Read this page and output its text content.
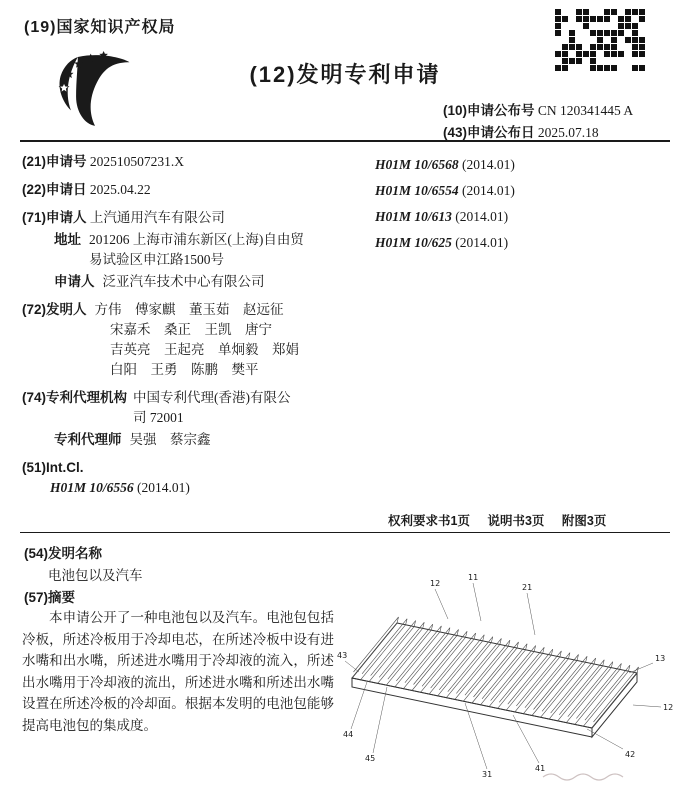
(19)国家知识产权局
(12)发明专利申请
(10)申请公布号 CN 120341445 A
(43)申请公布日 2025.07.18
(21)申请号 202510507231.X
(22)申请日 2025.04.22
(71)申请人 上汽通用汽车有限公司
地址 201206 上海市浦东新区(上海)自由贸易试验区申江路1500号
申请人 泛亚汽车技术中心有限公司
(72)发明人 方伟　傅家麒　董玉茹　赵远征
宋嘉禾　桑正　王凯　唐宁
吉英亮　王起亮　单炯毅　郑娟
白阳　王勇　陈鹏　樊平
(74)专利代理机构 中国专利代理(香港)有限公司 72001
专利代理师 吴强　蔡宗鑫
(51)Int.Cl.
H01M 10/6556 (2014.01)
H01M 10/6568 (2014.01)
H01M 10/6554 (2014.01)
H01M 10/613 (2014.01)
H01M 10/625 (2014.01)
权利要求书1页 说明书3页 附图3页
(54)发明名称
电池包以及汽车
(57)摘要
本申请公开了一种电池包以及汽车。电池包包括冷板，所述冷板用于冷却电芯，在所述冷板中设有进水嘴和出水嘴，所述进水嘴用于冷却液的流入，所述出水嘴用于冷却液的流出，所述进水嘴和所述出水嘴设置在所述冷板的冷却面。根据本发明的电池包能够提高电池包的集成度。
12
11
21
13
12
42
41
31
45
44
43
